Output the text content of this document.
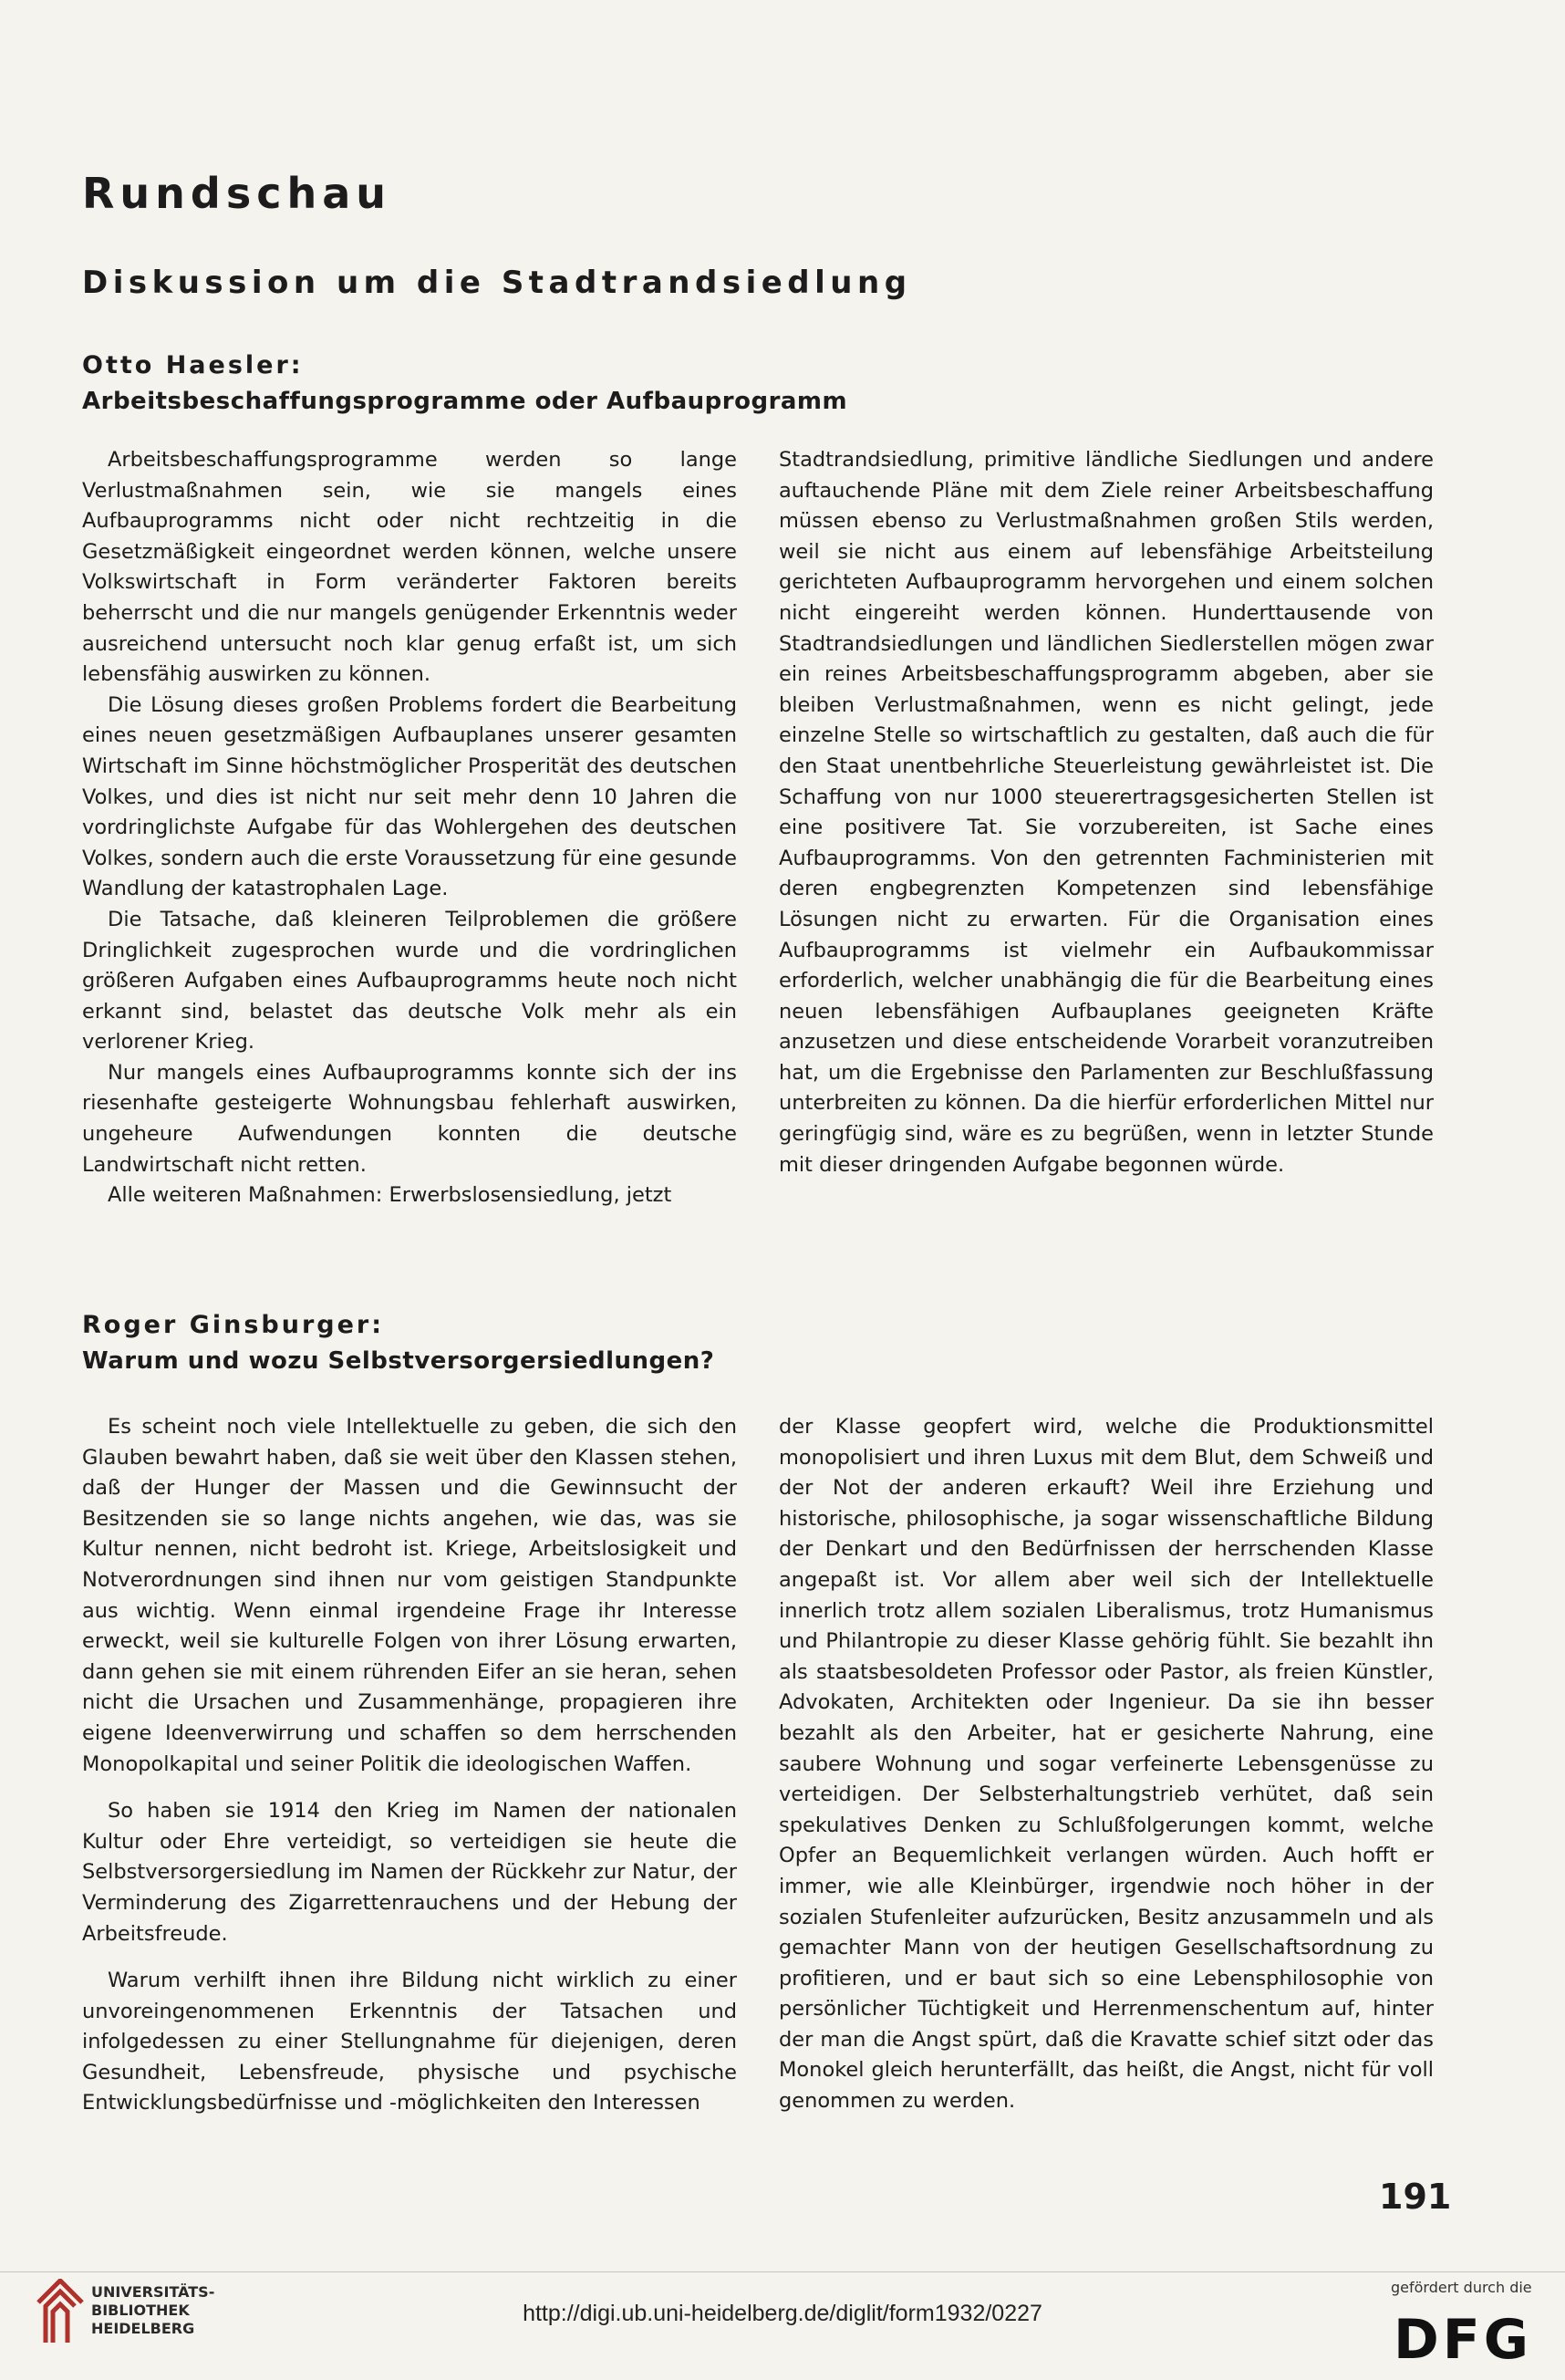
Rundschau
Diskussion um die Stadtrandsiedlung
Otto Haesler:
Arbeitsbeschaffungsprogramme oder Aufbauprogramm

Arbeitsbeschaffungsprogramme werden so lange Verlustmaßnahmen sein, wie sie mangels eines Aufbauprogramms nicht oder nicht rechtzeitig in die Gesetzmäßigkeit eingeordnet werden können, welche unsere Volkswirtschaft in Form veränderter Faktoren bereits beherrscht und die nur mangels genügender Erkenntnis weder ausreichend untersucht noch klar genug erfaßt ist, um sich lebensfähig auswirken zu können.

Die Lösung dieses großen Problems fordert die Bearbeitung eines neuen gesetzmäßigen Aufbauplanes unserer gesamten Wirtschaft im Sinne höchstmöglicher Prosperität des deutschen Volkes, und dies ist nicht nur seit mehr denn 10 Jahren die vordringlichste Aufgabe für das Wohlergehen des deutschen Volkes, sondern auch die erste Voraussetzung für eine gesunde Wandlung der katastrophalen Lage.

Die Tatsache, daß kleineren Teilproblemen die größere Dringlichkeit zugesprochen wurde und die vordringlichen größeren Aufgaben eines Aufbauprogramms heute noch nicht erkannt sind, belastet das deutsche Volk mehr als ein verlorener Krieg.

Nur mangels eines Aufbauprogramms konnte sich der ins riesenhafte gesteigerte Wohnungsbau fehlerhaft auswirken, ungeheure Aufwendungen konnten die deutsche Landwirtschaft nicht retten.

Alle weiteren Maßnahmen: Erwerbslosensiedlung, jetzt

Stadtrandsiedlung, primitive ländliche Siedlungen und andere auftauchende Pläne mit dem Ziele reiner Arbeitsbeschaffung müssen ebenso zu Verlustmaßnahmen großen Stils werden, weil sie nicht aus einem auf lebensfähige Arbeitsteilung gerichteten Aufbauprogramm hervorgehen und einem solchen nicht eingereiht werden können. Hunderttausende von Stadtrandsiedlungen und ländlichen Siedlerstellen mögen zwar ein reines Arbeitsbeschaffungsprogramm abgeben, aber sie bleiben Verlustmaßnahmen, wenn es nicht gelingt, jede einzelne Stelle so wirtschaftlich zu gestalten, daß auch die für den Staat unentbehrliche Steuerleistung gewährleistet ist. Die Schaffung von nur 1000 steuerertragsgesicherten Stellen ist eine positivere Tat. Sie vorzubereiten, ist Sache eines Aufbauprogramms. Von den getrennten Fachministerien mit deren engbegrenzten Kompetenzen sind lebensfähige Lösungen nicht zu erwarten. Für die Organisation eines Aufbauprogramms ist vielmehr ein Aufbaukommissar erforderlich, welcher unabhängig die für die Bearbeitung eines neuen lebensfähigen Aufbauplanes geeigneten Kräfte anzusetzen und diese entscheidende Vorarbeit voranzutreiben hat, um die Ergebnisse den Parlamenten zur Beschlußfassung unterbreiten zu können. Da die hierfür erforderlichen Mittel nur geringfügig sind, wäre es zu begrüßen, wenn in letzter Stunde mit dieser dringenden Aufgabe begonnen würde.

Roger Ginsburger:
Warum und wozu Selbstversorgersiedlungen?

Es scheint noch viele Intellektuelle zu geben, die sich den Glauben bewahrt haben, daß sie weit über den Klassen stehen, daß der Hunger der Massen und die Gewinnsucht der Besitzenden sie so lange nichts angehen, wie das, was sie Kultur nennen, nicht bedroht ist. Kriege, Arbeitslosigkeit und Notverordnungen sind ihnen nur vom geistigen Standpunkte aus wichtig. Wenn einmal irgendeine Frage ihr Interesse erweckt, weil sie kulturelle Folgen von ihrer Lösung erwarten, dann gehen sie mit einem rührenden Eifer an sie heran, sehen nicht die Ursachen und Zusammenhänge, propagieren ihre eigene Ideenverwirrung und schaffen so dem herrschenden Monopolkapital und seiner Politik die ideologischen Waffen.

So haben sie 1914 den Krieg im Namen der nationalen Kultur oder Ehre verteidigt, so verteidigen sie heute die Selbstversorgersiedlung im Namen der Rückkehr zur Natur, der Verminderung des Zigarrettenrauchens und der Hebung der Arbeitsfreude.

Warum verhilft ihnen ihre Bildung nicht wirklich zu einer unvoreingenommenen Erkenntnis der Tatsachen und infolgedessen zu einer Stellungnahme für diejenigen, deren Gesundheit, Lebensfreude, physische und psychische Entwicklungsbedürfnisse und -möglichkeiten den Interessen

der Klasse geopfert wird, welche die Produktionsmittel monopolisiert und ihren Luxus mit dem Blut, dem Schweiß und der Not der anderen erkauft? Weil ihre Erziehung und historische, philosophische, ja sogar wissenschaftliche Bildung der Denkart und den Bedürfnissen der herrschenden Klasse angepaßt ist. Vor allem aber weil sich der Intellektuelle innerlich trotz allem sozialen Liberalismus, trotz Humanismus und Philantropie zu dieser Klasse gehörig fühlt. Sie bezahlt ihn als staatsbesoldeten Professor oder Pastor, als freien Künstler, Advokaten, Architekten oder Ingenieur. Da sie ihn besser bezahlt als den Arbeiter, hat er gesicherte Nahrung, eine saubere Wohnung und sogar verfeinerte Lebensgenüsse zu verteidigen. Der Selbsterhaltungstrieb verhütet, daß sein spekulatives Denken zu Schlußfolgerungen kommt, welche Opfer an Bequemlichkeit verlangen würden. Auch hofft er immer, wie alle Kleinbürger, irgendwie noch höher in der sozialen Stufenleiter aufzurücken, Besitz anzusammeln und als gemachter Mann von der heutigen Gesellschaftsordnung zu profitieren, und er baut sich so eine Lebensphilosophie von persönlicher Tüchtigkeit und Herrenmenschentum auf, hinter der man die Angst spürt, daß die Kravatte schief sitzt oder das Monokel gleich herunterfällt, das heißt, die Angst, nicht für voll genommen zu werden.

191
UNIVERSITÄTS-
BIBLIOTHEK
HEIDELBERG
http://digi.ub.uni-heidelberg.de/diglit/form1932/0227
gefördert durch die
DFG
